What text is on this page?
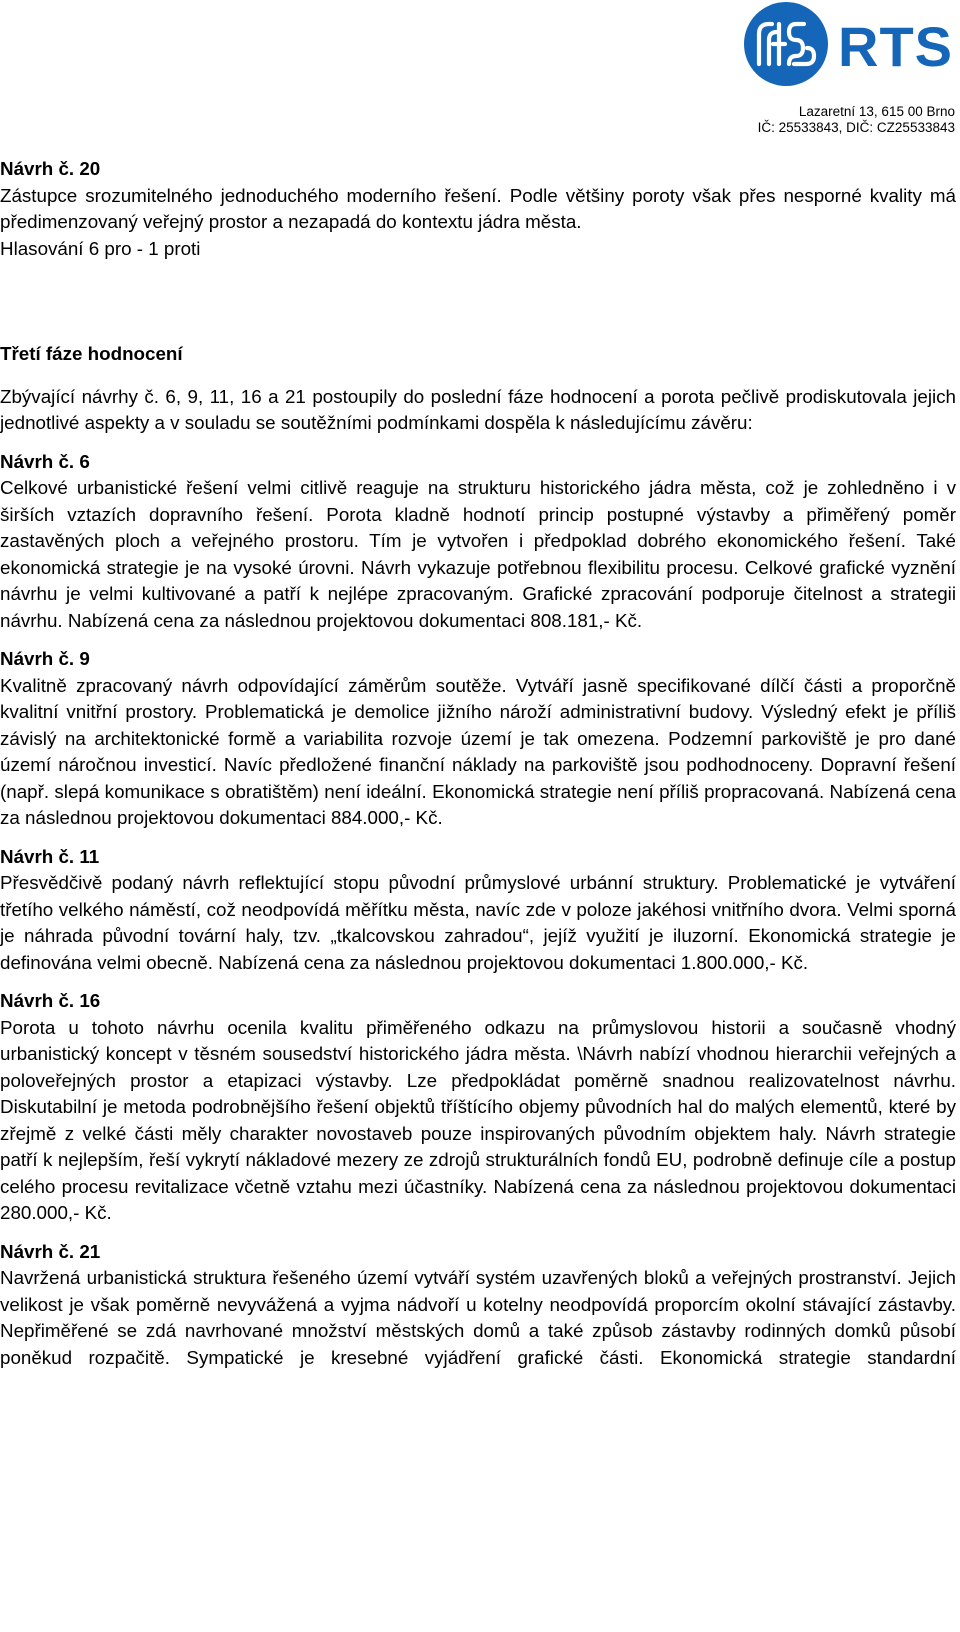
RTS
Lazaretní 13, 615 00 Brno
IČ: 25533843, DIČ: CZ25533843

Návrh č. 20

Zástupce srozumitelného jednoduchého moderního řešení. Podle většiny poroty však přes nesporné kvality má předimenzovaný veřejný prostor a nezapadá do kontextu jádra města.

Hlasování 6 pro - 1 proti

Třetí fáze hodnocení

Zbývající návrhy č. 6, 9, 11, 16 a 21 postoupily do poslední fáze hodnocení a porota pečlivě prodiskutovala jejich jednotlivé aspekty a v souladu se soutěžními podmínkami dospěla k následujícímu závěru:

Návrh č. 6

Celkové urbanistické řešení velmi citlivě reaguje na strukturu historického jádra města, což je zohledněno i v širších vztazích dopravního řešení. Porota kladně hodnotí princip postupné výstavby a přiměřený poměr zastavěných ploch a veřejného prostoru. Tím je vytvořen i předpoklad dobrého ekonomického řešení. Také ekonomická strategie je na vysoké úrovni. Návrh vykazuje potřebnou flexibilitu procesu. Celkové grafické vyznění návrhu je velmi kultivované a patří k nejlépe zpracovaným. Grafické zpracování podporuje čitelnost a strategii návrhu. Nabízená cena za následnou projektovou dokumentaci 808.181,- Kč.

Návrh č. 9

Kvalitně zpracovaný návrh odpovídající záměrům soutěže. Vytváří jasně specifikované dílčí části a proporčně kvalitní vnitřní prostory. Problematická je demolice jižního nároží administrativní budovy. Výsledný efekt je příliš závislý na architektonické formě a variabilita rozvoje území je tak omezena. Podzemní parkoviště je pro dané území náročnou investicí. Navíc předložené finanční náklady na parkoviště jsou podhodnoceny. Dopravní řešení (např. slepá komunikace s obratištěm) není ideální. Ekonomická strategie není příliš propracovaná. Nabízená cena za následnou projektovou dokumentaci 884.000,- Kč.

Návrh č. 11

Přesvědčivě podaný návrh reflektující stopu původní průmyslové urbánní struktury. Problematické je vytváření třetího velkého náměstí, což neodpovídá měřítku města, navíc zde v poloze jakéhosi vnitřního dvora. Velmi sporná je náhrada původní tovární haly, tzv. „tkalcovskou zahradou“, jejíž využití je iluzorní. Ekonomická strategie je definována velmi obecně. Nabízená cena za následnou projektovou dokumentaci 1.800.000,- Kč.

Návrh č. 16

Porota u tohoto návrhu ocenila kvalitu přiměřeného odkazu na průmyslovou historii a současně vhodný urbanistický koncept v těsném sousedství historického jádra města. \Návrh nabízí vhodnou hierarchii veřejných a poloveřejných prostor a etapizaci výstavby. Lze předpokládat poměrně snadnou realizovatelnost návrhu. Diskutabilní je metoda podrobnějšího řešení objektů tříštícího objemy původních hal do malých elementů, které by zřejmě z velké části měly charakter novostaveb pouze inspirovaných původním objektem haly. Návrh strategie patří k nejlepším, řeší vykrytí nákladové mezery ze zdrojů strukturálních fondů EU, podrobně definuje cíle a postup celého procesu revitalizace včetně vztahu mezi účastníky. Nabízená cena za následnou projektovou dokumentaci 280.000,- Kč.

Návrh č. 21

Navržená urbanistická struktura řešeného území vytváří systém uzavřených bloků a veřejných prostranství. Jejich velikost je však poměrně nevyvážená a vyjma nádvoří u kotelny neodpovídá proporcím okolní stávající zástavby. Nepřiměřené se zdá navrhované množství městských domů a také způsob zástavby rodinných domků působí poněkud rozpačitě. Sympatické je kresebné vyjádření grafické části. Ekonomická strategie standardní
